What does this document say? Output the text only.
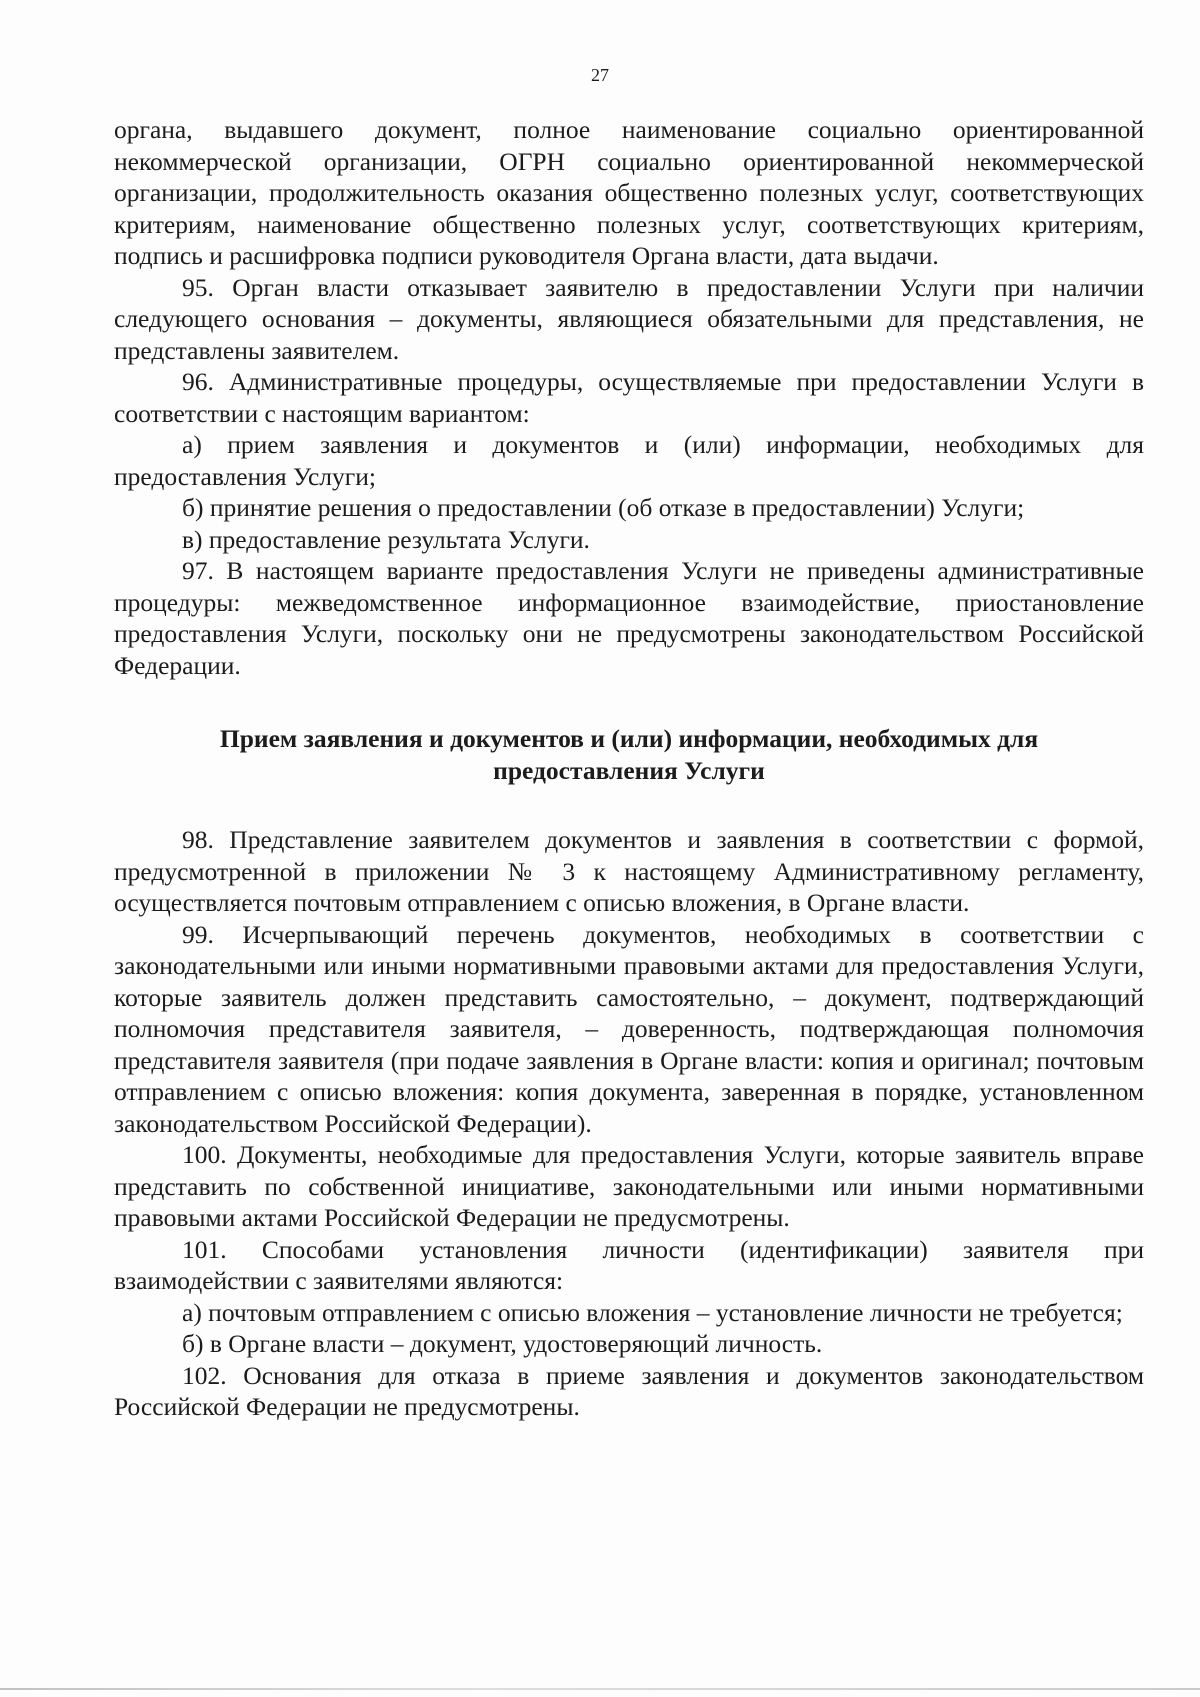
27

органа, выдавшего документ, полное наименование социально ориентированной некоммерческой организации, ОГРН социально ориентированной некоммерческой организации, продолжительность оказания общественно полезных услуг, соответствующих критериям, наименование общественно полезных услуг, соответствующих критериям, подпись и расшифровка подписи руководителя Органа власти, дата выдачи.

95. Орган власти отказывает заявителю в предоставлении Услуги при наличии следующего основания – документы, являющиеся обязательными для представления, не представлены заявителем.

96. Административные процедуры, осуществляемые при предоставлении Услуги в соответствии с настоящим вариантом:

а) прием заявления и документов и (или) информации, необходимых для предоставления Услуги;

б) принятие решения о предоставлении (об отказе в предоставлении) Услуги;

в) предоставление результата Услуги.

97. В настоящем варианте предоставления Услуги не приведены административные процедуры: межведомственное информационное взаимодействие, приостановление предоставления Услуги, поскольку они не предусмотрены законодательством Российской Федерации.

Прием заявления и документов и (или) информации, необходимых для предоставления Услуги

98. Представление заявителем документов и заявления в соответствии с формой, предусмотренной в приложении № 3 к настоящему Административному регламенту, осуществляется почтовым отправлением с описью вложения, в Органе власти.

99. Исчерпывающий перечень документов, необходимых в соответствии с законодательными или иными нормативными правовыми актами для предоставления Услуги, которые заявитель должен представить самостоятельно, – документ, подтверждающий полномочия представителя заявителя, – доверенность, подтверждающая полномочия представителя заявителя (при подаче заявления в Органе власти: копия и оригинал; почтовым отправлением с описью вложения: копия документа, заверенная в порядке, установленном законодательством Российской Федерации).

100. Документы, необходимые для предоставления Услуги, которые заявитель вправе представить по собственной инициативе, законодательными или иными нормативными правовыми актами Российской Федерации не предусмотрены.

101. Способами установления личности (идентификации) заявителя при взаимодействии с заявителями являются:

а) почтовым отправлением с описью вложения – установление личности не требуется;

б) в Органе власти – документ, удостоверяющий личность.

102. Основания для отказа в приеме заявления и документов законодательством Российской Федерации не предусмотрены.
